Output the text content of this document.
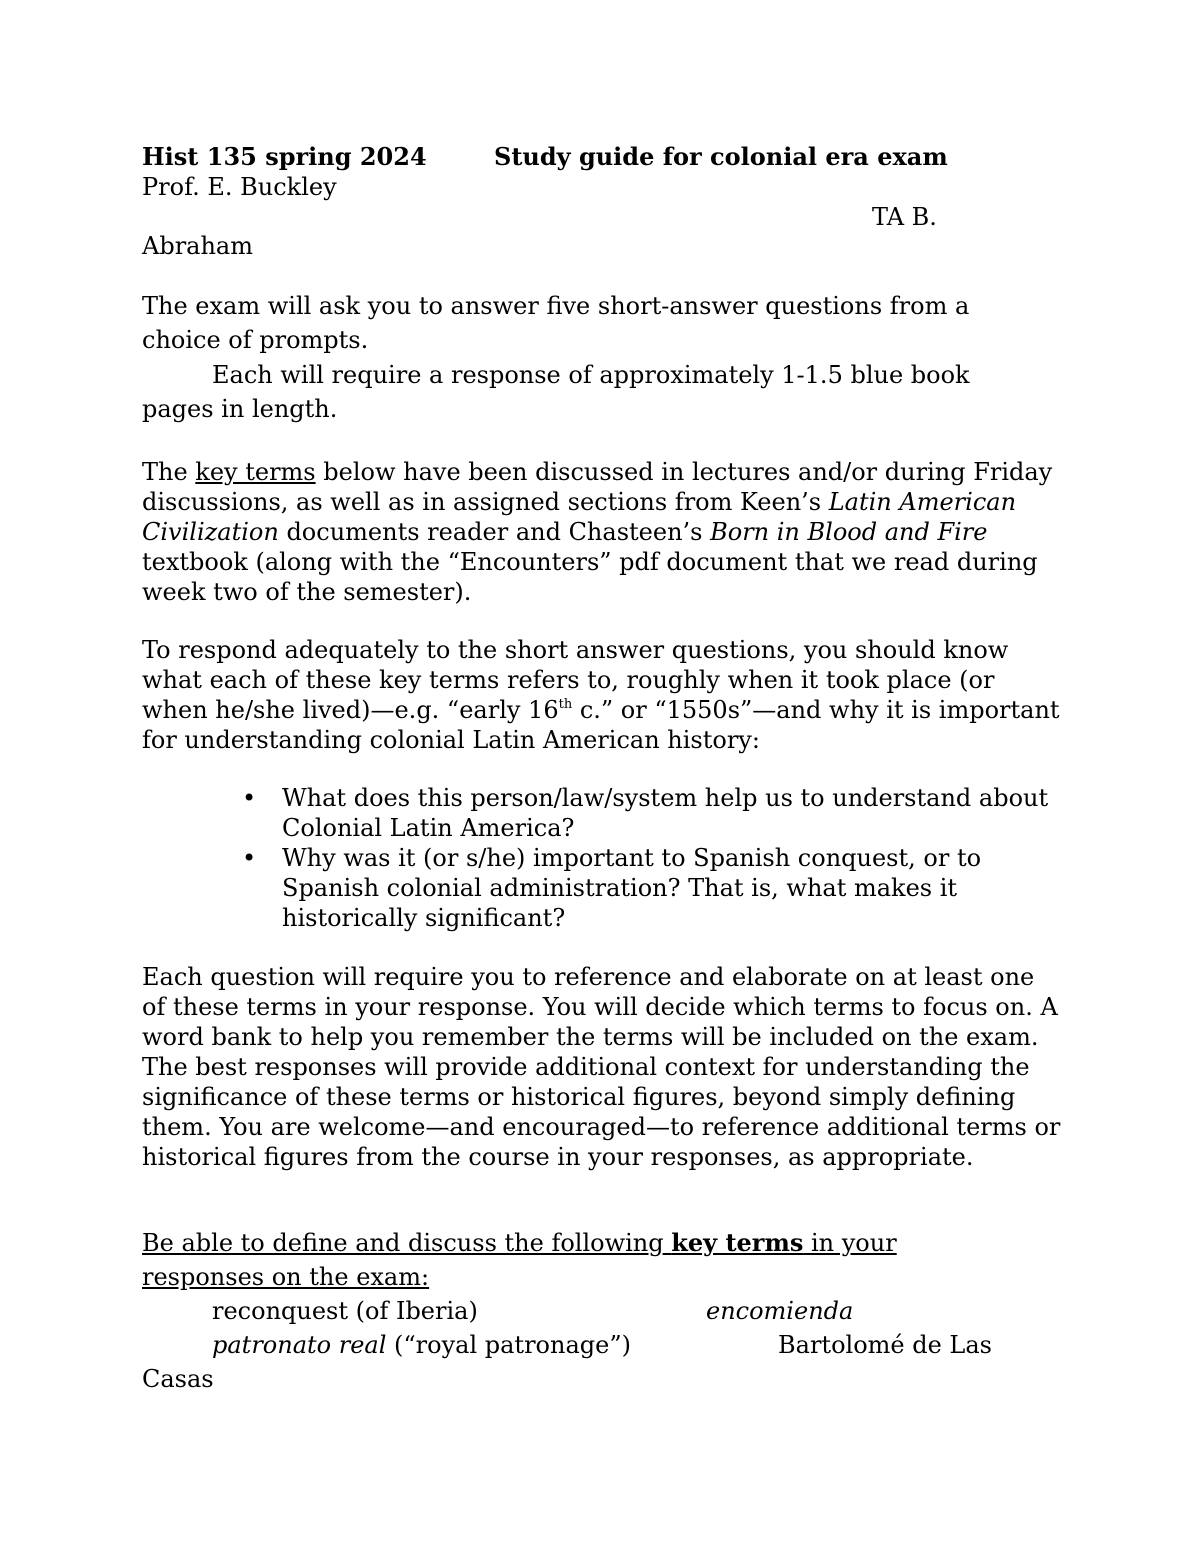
Hist 135 spring 2024	Study guide for colonial era exam
Prof. E. Buckley
TA B.
Abraham
The exam will ask you to answer five short-answer questions from a
choice of prompts.
Each will require a response of approximately 1-1.5 blue book
pages in length.

The key terms below have been discussed in lectures and/or during Friday discussions, as well as in assigned sections from Keen’s Latin American Civilization documents reader and Chasteen’s Born in Blood and Fire textbook (along with the “Encounters” pdf document that we read during week two of the semester).

To respond adequately to the short answer questions, you should know what each of these key terms refers to, roughly when it took place (or when he/she lived)—e.g. “early 16th c.” or “1550s”—and why it is important for understanding colonial Latin American history:

• What does this person/law/system help us to understand about Colonial Latin America?
• Why was it (or s/he) important to Spanish conquest, or to Spanish colonial administration? That is, what makes it historically significant?

Each question will require you to reference and elaborate on at least one of these terms in your response. You will decide which terms to focus on. A word bank to help you remember the terms will be included on the exam. The best responses will provide additional context for understanding the significance of these terms or historical figures, beyond simply defining them. You are welcome—and encouraged—to reference additional terms or historical figures from the course in your responses, as appropriate.

Be able to define and discuss the following key terms in your
responses on the exam:
reconquest (of Iberia)	encomienda
patronato real (“royal patronage”)	Bartolomé de Las
Casas
